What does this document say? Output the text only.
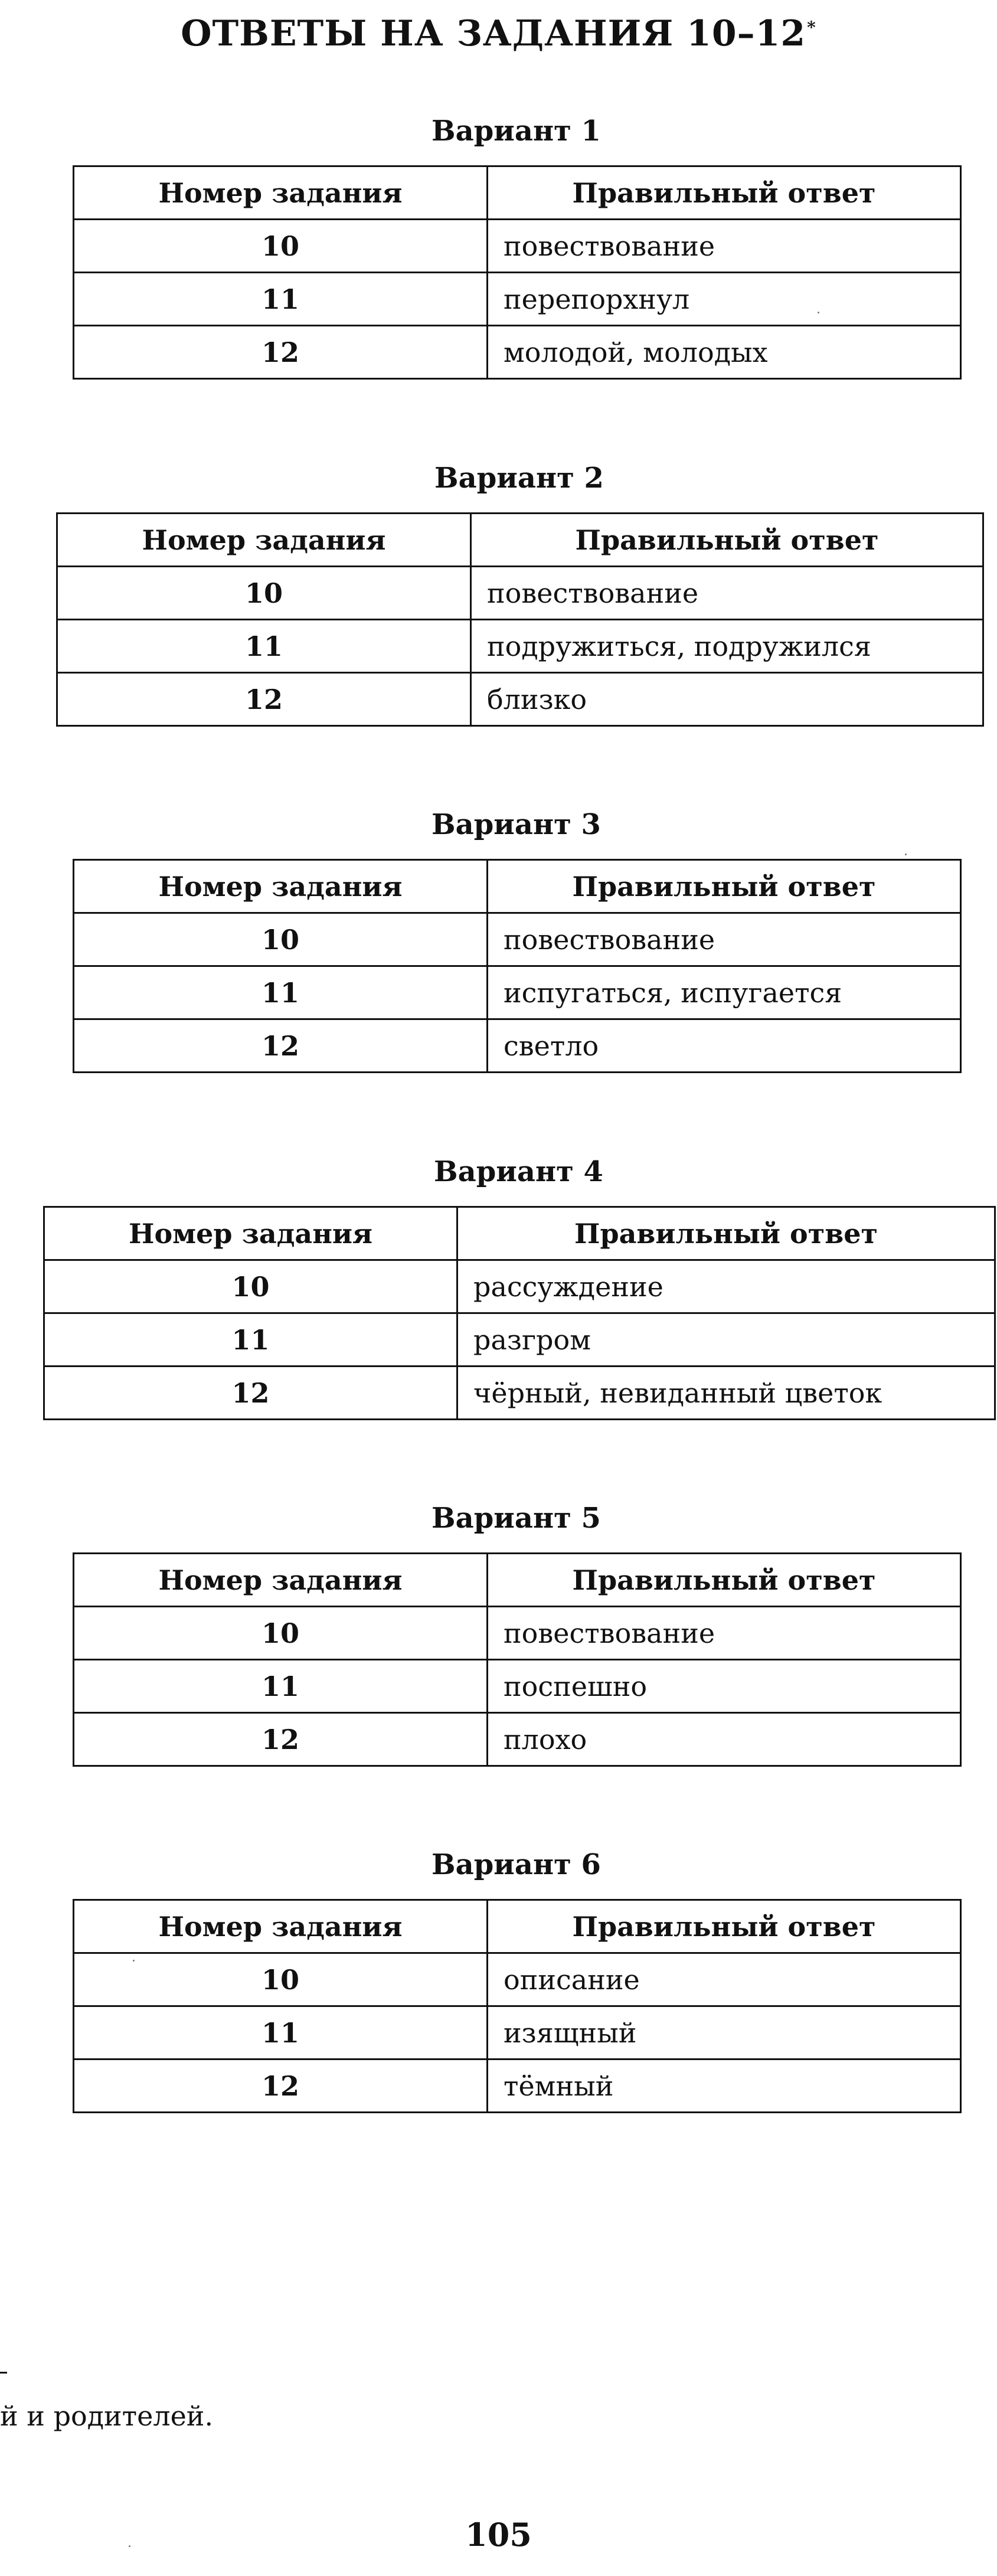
ОТВЕТЫ НА ЗАДАНИЯ 10–12*
Вариант 1
Номер задания	Правильный ответ
10	повествование
11	перепорхнул
12	молодой, молодых
Вариант 2
Номер задания	Правильный ответ
10	повествование
11	подружиться, подружился
12	близко
Вариант 3
Номер задания	Правильный ответ
10	повествование
11	испугаться, испугается
12	светло
Вариант 4
Номер задания	Правильный ответ
10	рассуждение
11	разгром
12	чёрный, невиданный цветок
Вариант 5
Номер задания	Правильный ответ
10	повествование
11	поспешно
12	плохо
Вариант 6
Номер задания	Правильный ответ
10	описание
11	изящный
12	тёмный

й и родителей.

105
